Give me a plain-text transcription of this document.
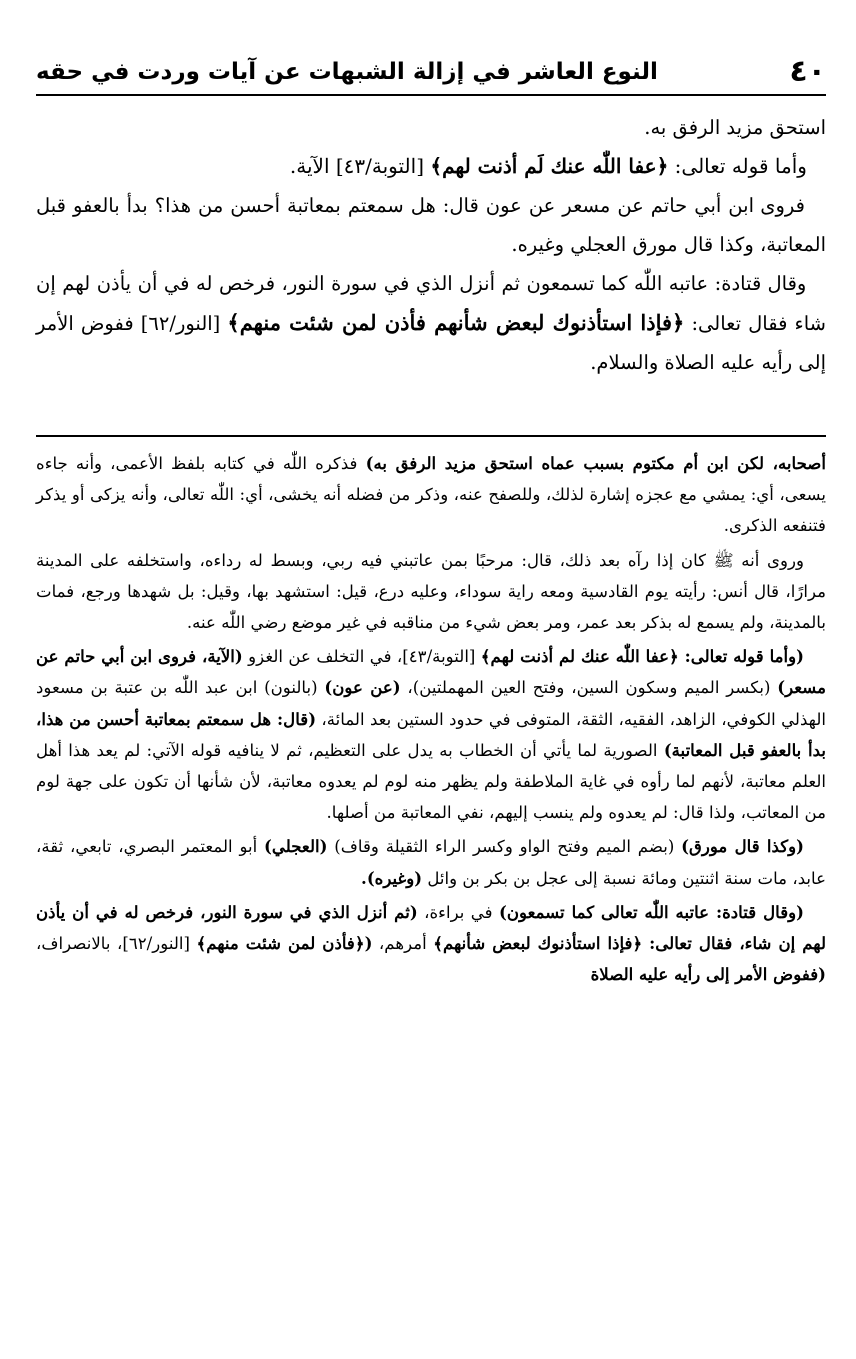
٤٠
النوع العاشر في إزالة الشبهات عن آيات وردت في حقه

استحق مزيد الرفق به.

وأما قوله تعالى: ﴿عفا اللّٰه عنك لَم أذنت لهم﴾ [التوبة/٤٣] الآية.

فروى ابن أبي حاتم عن مسعر عن عون قال: هل سمعتم بمعاتبة أحسن من هذا؟ بدأ بالعفو قبل المعاتبة، وكذا قال مورق العجلي وغيره.

وقال قتادة: عاتبه اللّٰه كما تسمعون ثم أنزل الذي في سورة النور، فرخص له في أن يأذن لهم إن شاء فقال تعالى: ﴿فإذا استأذنوك لبعض شأنهم فأذن لمن شئت منهم﴾ [النور/٦٢] ففوض الأمر إلى رأيه عليه الصلاة والسلام.

أصحابه، لكن ابن أم مكتوم بسبب عماه استحق مزيد الرفق به) فذكره اللّٰه في كتابه بلفظ الأعمى، وأنه جاءه يسعى، أي: يمشي مع عجزه إشارة لذلك، وللصفح عنه، وذكر من فضله أنه يخشى، أي: اللّٰه تعالى، وأنه يزكى أو يذكر فتنفعه الذكرى.

وروى أنه ﷺ كان إذا رآه بعد ذلك، قال: مرحبًا بمن عاتبني فيه ربي، وبسط له رداءه، واستخلفه على المدينة مرارًا، قال أنس: رأيته يوم القادسية ومعه راية سوداء، وعليه درع، قيل: استشهد بها، وقيل: بل شهدها ورجع، فمات بالمدينة، ولم يسمع له بذكر بعد عمر، ومر بعض شيء من مناقبه في غير موضع رضي اللّٰه عنه.

(وأما قوله تعالى: ﴿عفا اللّٰه عنك لم أذنت لهم﴾ [التوبة/٤٣]، في التخلف عن الغزو (الآية، فروى ابن أبي حاتم عن مسعر) (بكسر الميم وسكون السين، وفتح العين المهملتين)، (عن عون) (بالنون) ابن عبد اللّٰه بن عتبة بن مسعود الهذلي الكوفي، الزاهد، الفقيه، الثقة، المتوفى في حدود الستين بعد المائة، (قال: هل سمعتم بمعاتبة أحسن من هذا، بدأ بالعفو قبل المعاتبة) الصورية لما يأتي أن الخطاب به يدل على التعظيم، ثم لا ينافيه قوله الآتي: لم يعد هذا أهل العلم معاتبة، لأنهم لما رأوه في غاية الملاطفة ولم يظهر منه لوم لم يعدوه معاتبة، لأن شأنها أن تكون على جهة لوم من المعاتب، ولذا قال: لم يعدوه ولم ينسب إليهم، نفي المعاتبة من أصلها.

(وكذا قال مورق) (بضم الميم وفتح الواو وكسر الراء الثقيلة وقاف) (العجلي) أبو المعتمر البصري، تابعي، ثقة، عابد، مات سنة اثنتين ومائة نسبة إلى عجل بن بكر بن وائل (وغيره).

(وقال قتادة: عاتبه اللّٰه تعالى كما تسمعون) في براءة، (ثم أنزل الذي في سورة النور، فرخص له في أن يأذن لهم إن شاء، فقال تعالى: ﴿فإذا استأذنوك لبعض شأنهم﴾ أمرهم، (﴿فأذن لمن شئت منهم﴾ [النور/٦٢]، بالانصراف، (ففوض الأمر إلى رأيه عليه الصلاة
